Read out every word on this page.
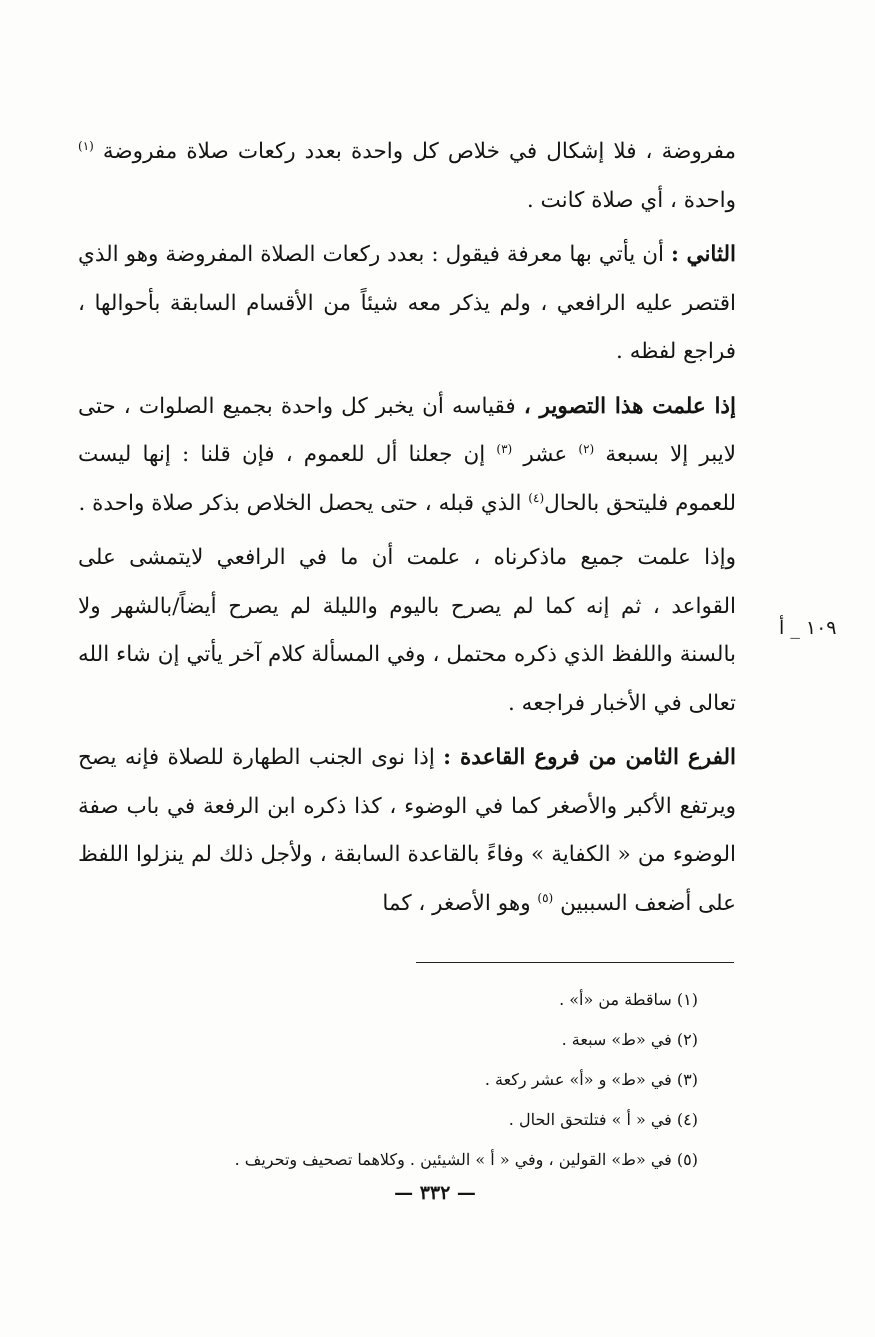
مفروضة ، فلا إشكال في خلاص كل واحدة بعدد ركعات صلاة مفروضة $^{(١)}$ واحدة ، أي صلاة كانت .

الثاني : أن يأتي بها معرفة فيقول : بعدد ركعات الصلاة المفروضة وهو الذي اقتصر عليه الرافعي ، ولم يذكر معه شيئاً من الأقسام السابقة بأحوالها ، فراجع لفظه .

إذا علمت هذا التصوير ، فقياسه أن يخبر كل واحدة بجميع الصلوات ، حتى لايبر إلا بسبعة $^{(٢)}$ عشر $^{(٣)}$ إن جعلنا أل للعموم ، فإن قلنا : إنها ليست للعموم فليتحق بالحال$^{(٤)}$ الذي قبله ، حتى يحصل الخلاص بذكر صلاة واحدة .

وإذا علمت جميع ماذكرناه ، علمت أن ما في الرافعي لايتمشى على القواعد ، ثم إنه كما لم يصرح باليوم والليلة لم يصرح أيضاً/بالشهر ولا بالسنة واللفظ الذي ذكره محتمل ، وفي المسألة كلام آخر يأتي إن شاء الله تعالى في الأخبار فراجعه .

الفرع الثامن من فروع القاعدة : إذا نوى الجنب الطهارة للصلاة فإنه يصح ويرتفع الأكبر والأصغر كما في الوضوء ، كذا ذكره ابن الرفعة في باب صفة الوضوء من « الكفاية » وفاءً بالقاعدة السابقة ، ولأجل ذلك لم ينزلوا اللفظ على أضعف السببين $^{(٥)}$ وهو الأصغر ، كما

١٠٩ _ أ

(١) ساقطة من «أ» .

(٢) في «ط» سبعة .

(٣) في «ط» و «أ» عشر ركعة .

(٤) في « أ » فتلتحق الحال .

(٥) في «ط» القولين ، وفي « أ » الشيئين . وكلاهما تصحيف وتحريف .

— ٣٣٢ —
